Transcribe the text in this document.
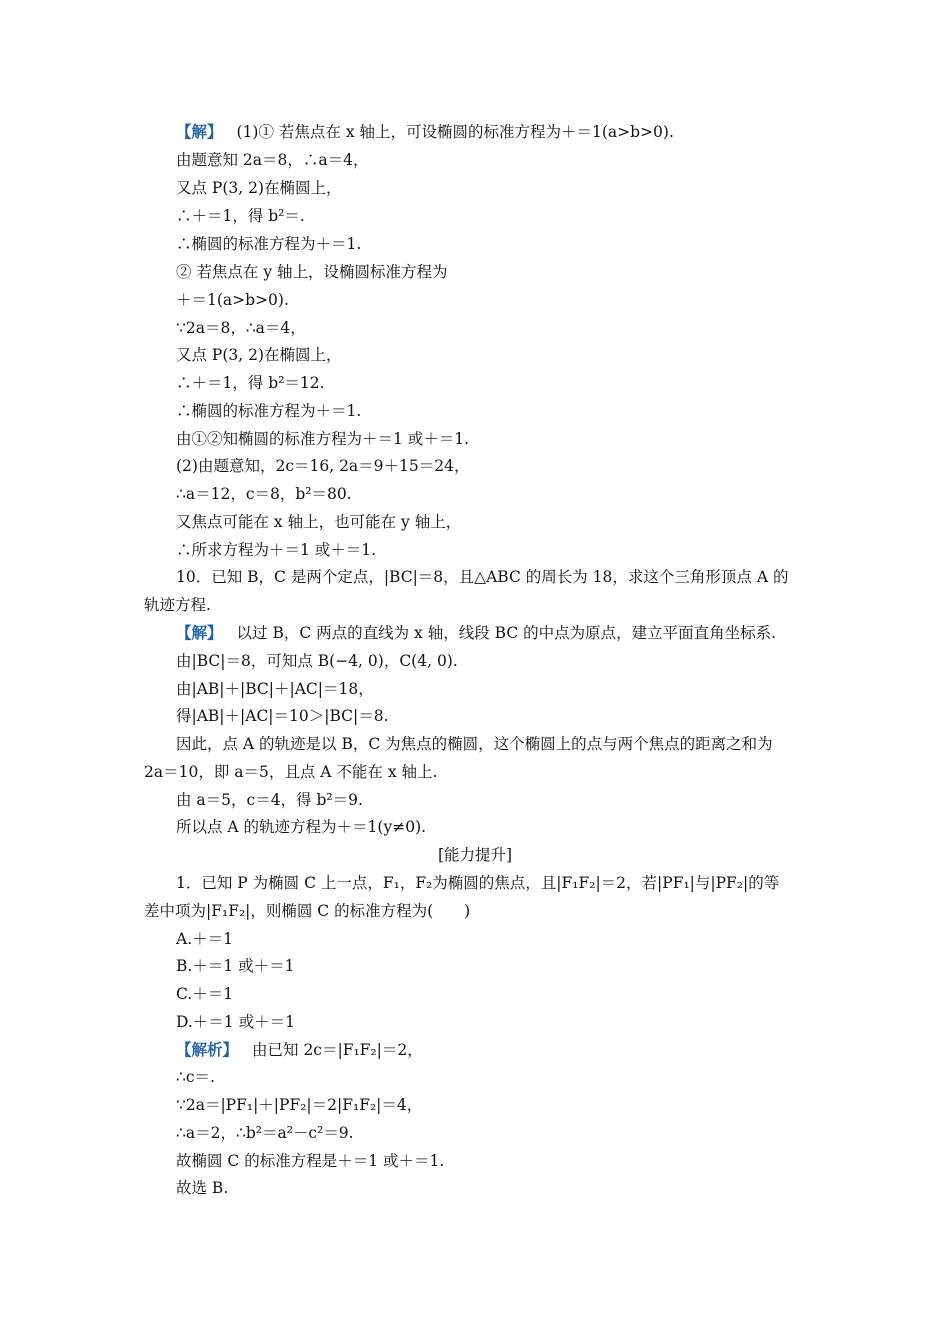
【解】 (1)① 若焦点在 x 轴上，可设椭圆的标准方程为＋＝1(a>b>0).
由题意知 2a＝8，∴a＝4，
又点 P(3, 2)在椭圆上，
∴＋＝1，得 b²＝.
∴椭圆的标准方程为＋＝1.
② 若焦点在 y 轴上，设椭圆标准方程为
＋＝1(a>b>0).
∵2a＝8，∴a＝4，
又点 P(3, 2)在椭圆上，
∴＋＝1，得 b²＝12.
∴椭圆的标准方程为＋＝1.
由①②知椭圆的标准方程为＋＝1 或＋＝1.
(2)由题意知，2c＝16, 2a＝9＋15＝24，
∴a＝12，c＝8，b²＝80.
又焦点可能在 x 轴上，也可能在 y 轴上，
∴所求方程为＋＝1 或＋＝1.
10．已知 B，C 是两个定点，|BC|＝8，且△ABC 的周长为 18，求这个三角形顶点 A 的
轨迹方程.
【解】 以过 B，C 两点的直线为 x 轴，线段 BC 的中点为原点，建立平面直角坐标系.
由|BC|＝8，可知点 B(−4, 0)，C(4, 0).
由|AB|＋|BC|＋|AC|＝18，
得|AB|＋|AC|＝10＞|BC|＝8.
因此，点 A 的轨迹是以 B，C 为焦点的椭圆，这个椭圆上的点与两个焦点的距离之和为
2a＝10，即 a＝5，且点 A 不能在 x 轴上.
由 a＝5，c＝4，得 b²＝9.
所以点 A 的轨迹方程为＋＝1(y≠0).
[能力提升]
1．已知 P 为椭圆 C 上一点，F₁，F₂为椭圆的焦点，且|F₁F₂|＝2，若|PF₁|与|PF₂|的等
差中项为|F₁F₂|，则椭圆 C 的标准方程为(　　)
A.＋＝1
B.＋＝1 或＋＝1
C.＋＝1
D.＋＝1 或＋＝1
【解析】 由已知 2c＝|F₁F₂|＝2，
∴c＝.
∵2a＝|PF₁|＋|PF₂|＝2|F₁F₂|＝4，
∴a＝2，∴b²＝a²－c²＝9.
故椭圆 C 的标准方程是＋＝1 或＋＝1.
故选 B.
